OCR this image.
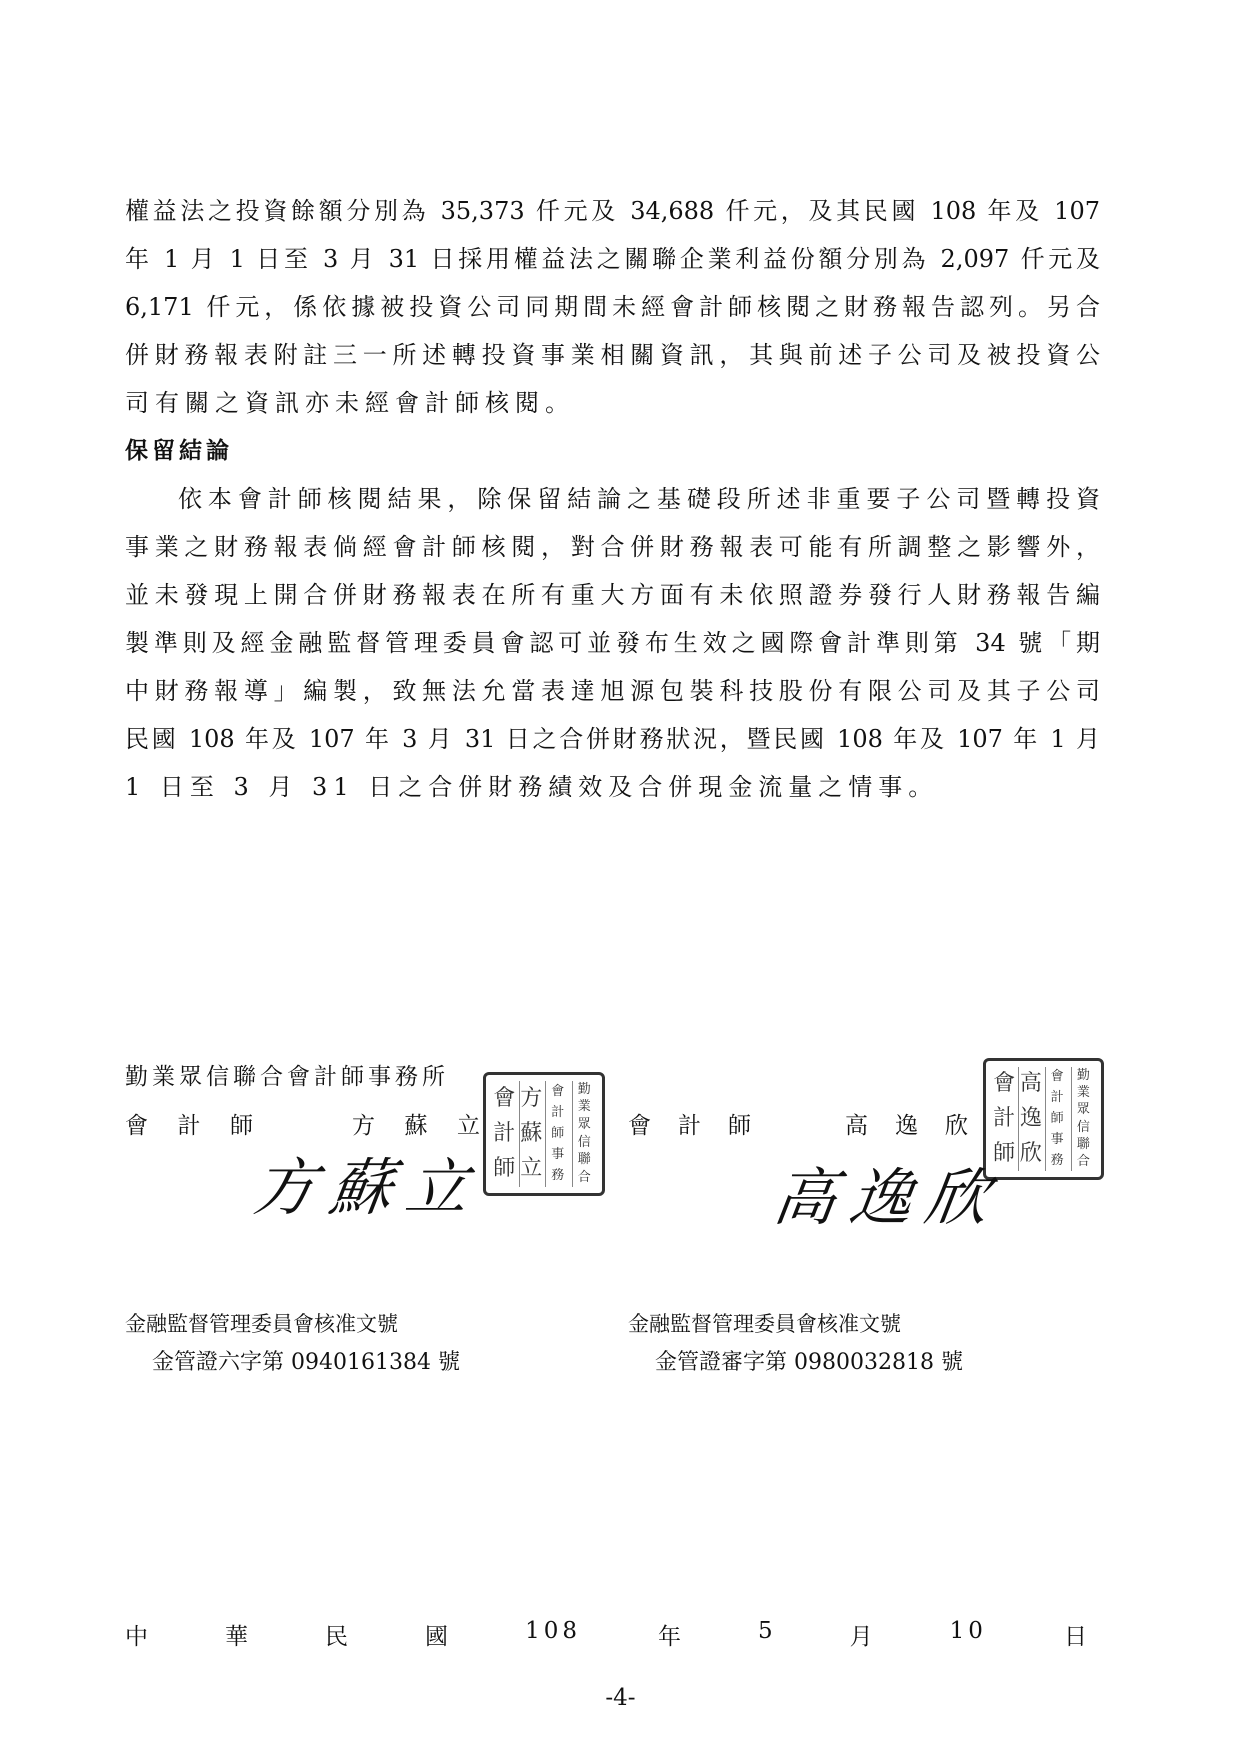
權益法之投資餘額分別為 35,373 仟元及 34,688 仟元，及其民國 108 年及 107
年 1 月 1 日至 3 月 31 日採用權益法之關聯企業利益份額分別為 2,097 仟元及
6,171 仟元，係依據被投資公司同期間未經會計師核閱之財務報告認列。另合
併財務報表附註三一所述轉投資事業相關資訊，其與前述子公司及被投資公
司有關之資訊亦未經會計師核閱。
保留結論
依本會計師核閱結果，除保留結論之基礎段所述非重要子公司暨轉投資
事業之財務報表倘經會計師核閱，對合併財務報表可能有所調整之影響外，
並未發現上開合併財務報表在所有重大方面有未依照證券發行人財務報告編
製準則及經金融監督管理委員會認可並發布生效之國際會計準則第 34 號「期
中財務報導」編製，致無法允當表達旭源包裝科技股份有限公司及其子公司
民國 108 年及 107 年 3 月 31 日之合併財務狀況，暨民國 108 年及 107 年 1 月
1 日至 3 月 31 日之合併財務績效及合併現金流量之情事。
勤業眾信聯合會計師事務所
會 計 師	方 蘇 立
會
計
師
方
蘇
立
會
計
師
事
務
勤
業
眾
信
聯
合
方蘇立
會 計 師	高 逸 欣
會
計
師
高
逸
欣
會
計
師
事
務
勤
業
眾
信
聯
合
高逸欣
金融監督管理委員會核准文號
金管證六字第 0940161384 號
金融監督管理委員會核准文號
金管證審字第 0980032818 號
中	華	民	國	108	年	5	月	10	日
-4-
